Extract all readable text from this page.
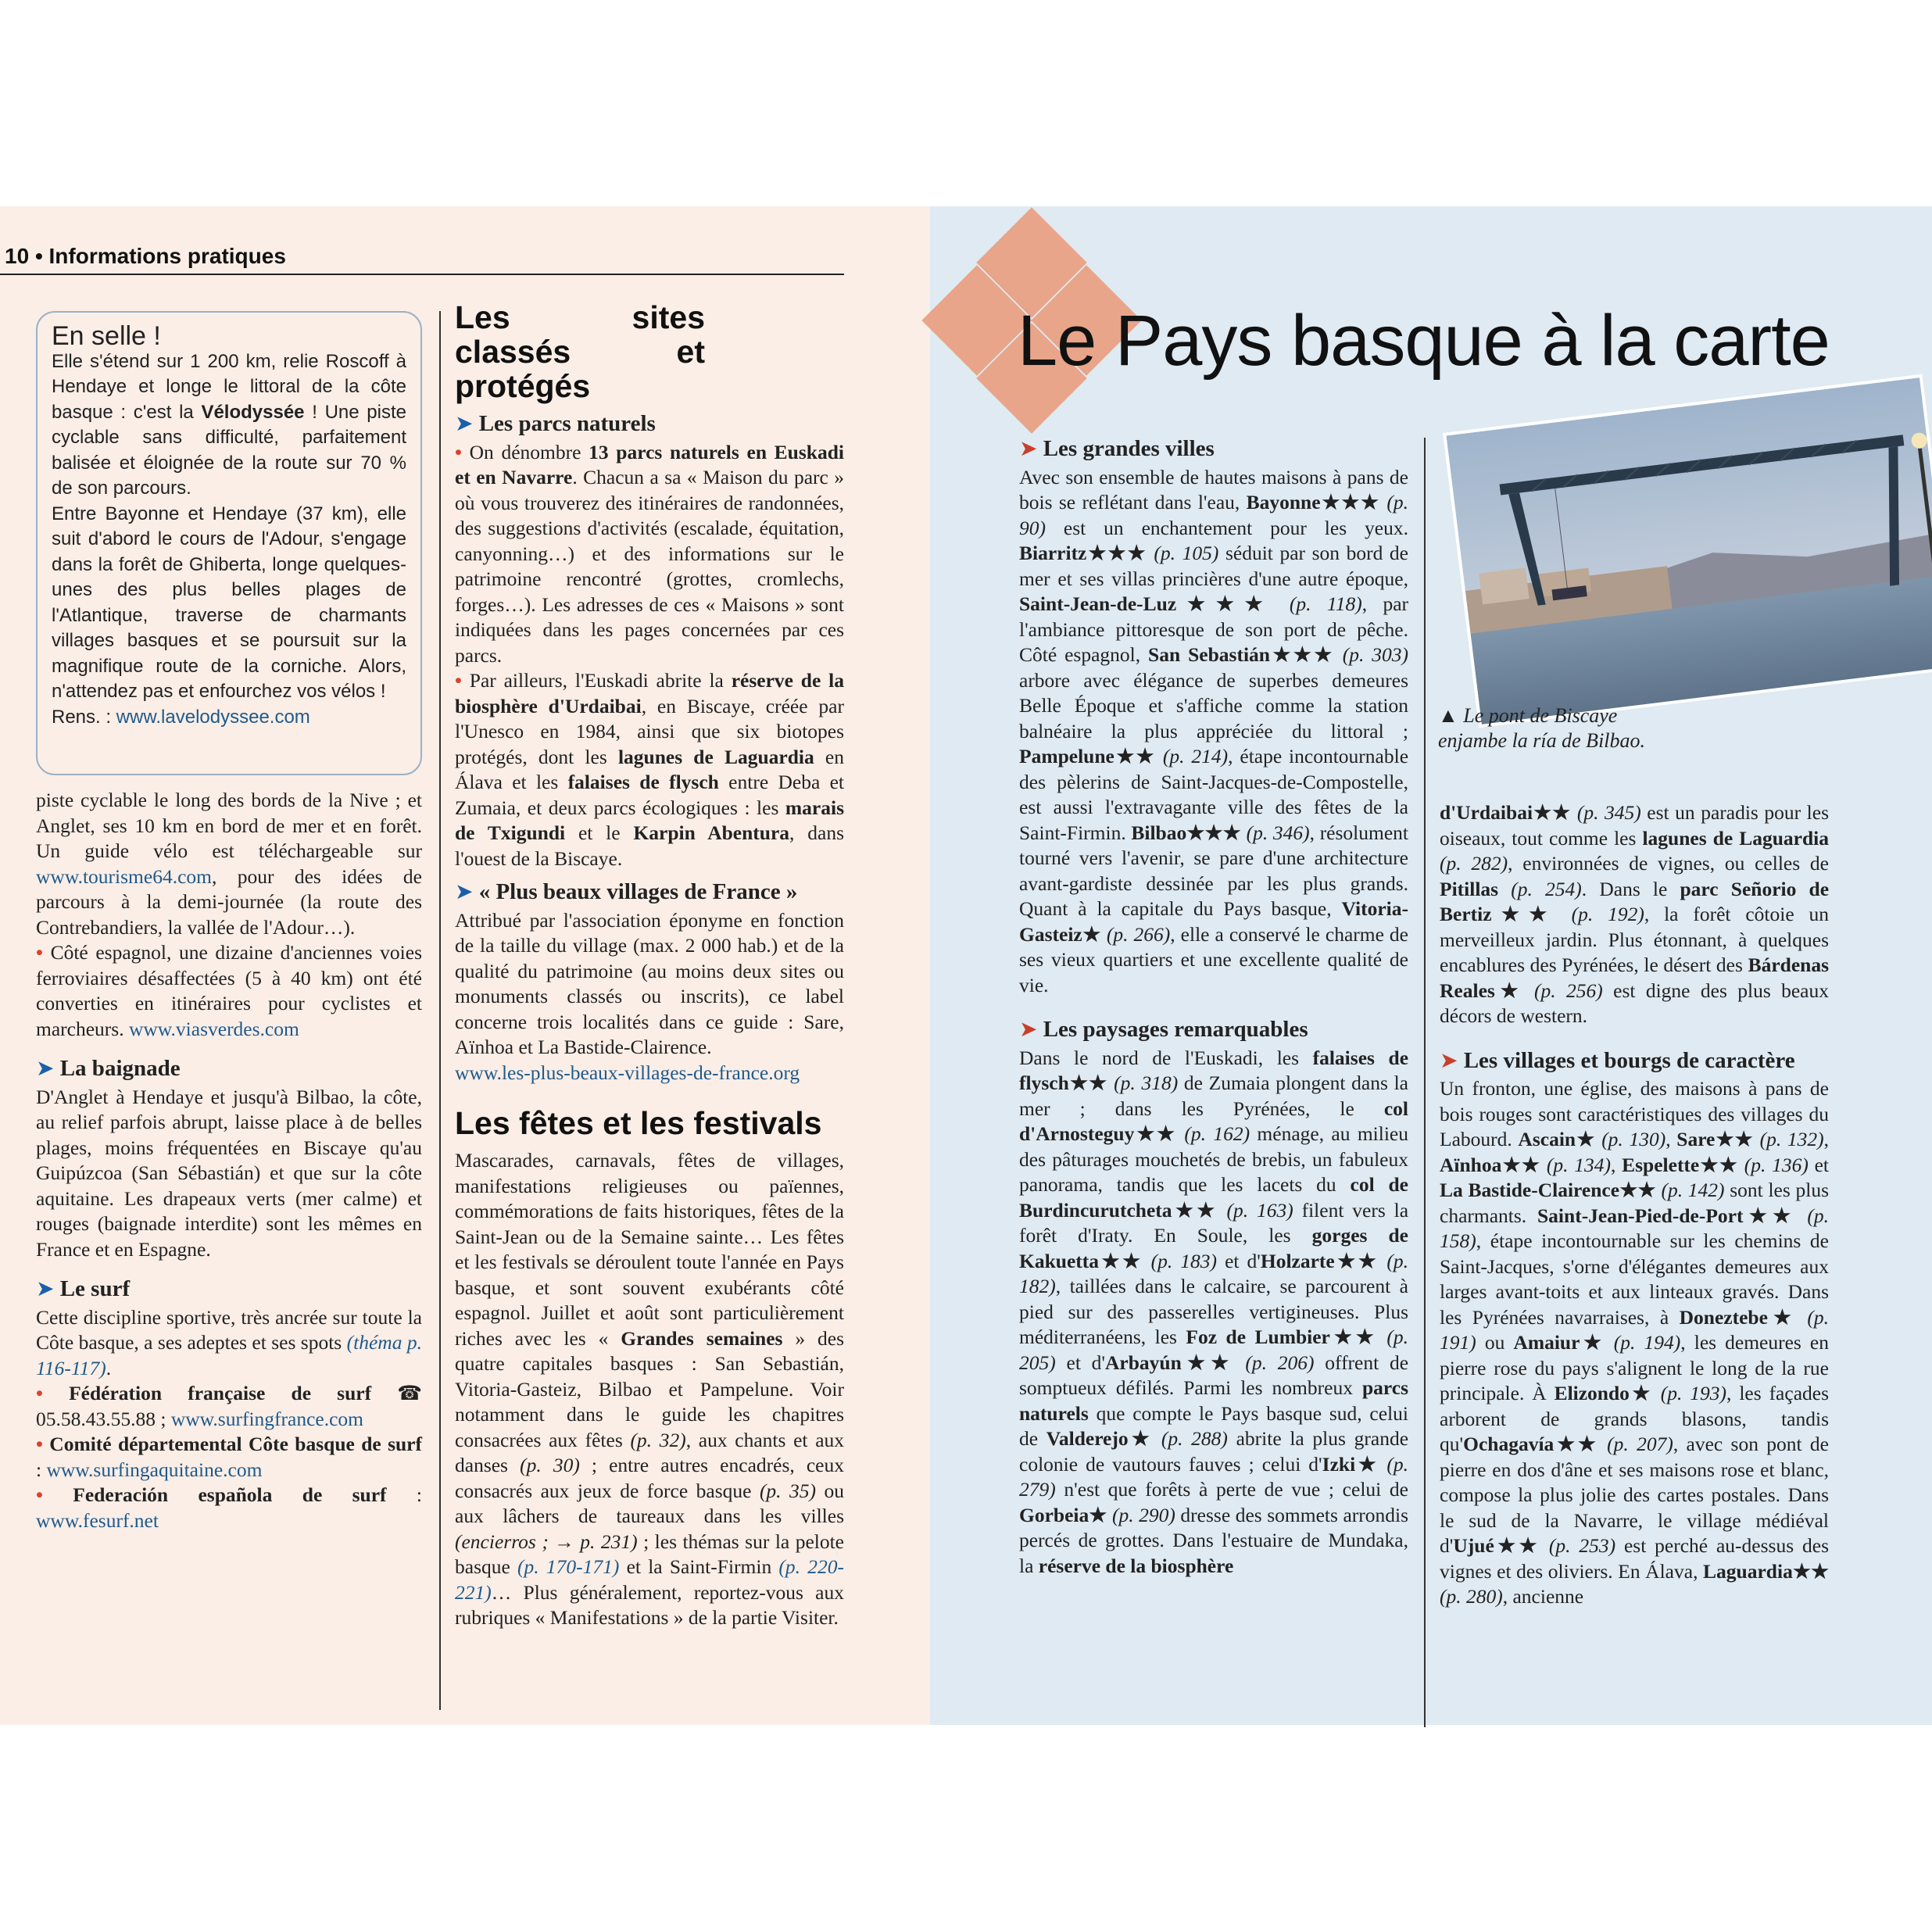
10 • Informations pratiques

En selle !

Elle s'étend sur 1 200 km, relie Roscoff à Hendaye et longe le littoral de la côte basque : c'est la Vélodyssée ! Une piste cyclable sans difficulté, parfaitement balisée et éloignée de la route sur 70 % de son parcours.

Entre Bayonne et Hendaye (37 km), elle suit d'abord le cours de l'Adour, s'engage dans la forêt de Ghiberta, longe quelques-unes des plus belles plages de l'Atlantique, traverse de charmants villages basques et se poursuit sur la magnifique route de la corniche. Alors, n'attendez pas et enfourchez vos vélos !

Rens. : www.lavelodyssee.com

piste cyclable le long des bords de la Nive ; et Anglet, ses 10 km en bord de mer et en forêt. Un guide vélo est téléchargeable sur www.tourisme64.com, pour des idées de parcours à la demi-journée (la route des Contrebandiers, la vallée de l'Adour…).

• Côté espagnol, une dizaine d'anciennes voies ferroviaires désaffectées (5 à 40 km) ont été converties en itinéraires pour cyclistes et marcheurs. www.viasverdes.com

➤ La baignade

D'Anglet à Hendaye et jusqu'à Bilbao, la côte, au relief parfois abrupt, laisse place à de belles plages, moins fréquentées en Biscaye qu'au Guipúzcoa (San Sébastián) et que sur la côte aquitaine. Les drapeaux verts (mer calme) et rouges (baignade interdite) sont les mêmes en France et en Espagne.

➤ Le surf

Cette discipline sportive, très ancrée sur toute la Côte basque, a ses adeptes et ses spots (théma p. 116-117).

• Fédération française de surf ☎ 05.58.43.55.88 ; www.surfingfrance.com

• Comité départemental Côte basque de surf : www.surfingaquitaine.com

• Federación española de surf : www.fesurf.net

Les sites classés et protégés
➤ Les parcs naturels

• On dénombre 13 parcs naturels en Euskadi et en Navarre. Chacun a sa « Maison du parc » où vous trouverez des itinéraires de randonnées, des suggestions d'activités (escalade, équitation, canyonning…) et des informations sur le patrimoine rencontré (grottes, cromlechs, forges…). Les adresses de ces « Maisons » sont indiquées dans les pages concernées par ces parcs.

• Par ailleurs, l'Euskadi abrite la réserve de la biosphère d'Urdaibai, en Biscaye, créée par l'Unesco en 1984, ainsi que six biotopes protégés, dont les lagunes de Laguardia en Álava et les falaises de flysch entre Deba et Zumaia, et deux parcs écologiques : les marais de Txigundi et le Karpin Abentura, dans l'ouest de la Biscaye.

➤ « Plus beaux villages de France »

Attribué par l'association éponyme en fonction de la taille du village (max. 2 000 hab.) et de la qualité du patrimoine (au moins deux sites ou monuments classés ou inscrits), ce label concerne trois localités dans ce guide : Sare, Aïnhoa et La Bastide-Clairence.

www.les-plus-beaux-villages-de-france.org

Les fêtes et les festivals

Mascarades, carnavals, fêtes de villages, manifestations religieuses ou païennes, commémorations de faits historiques, fêtes de la Saint-Jean ou de la Semaine sainte… Les fêtes et les festivals se déroulent toute l'année en Pays basque, et sont souvent exubérants côté espagnol. Juillet et août sont particulièrement riches avec les « Grandes semaines » des quatre capitales basques : San Sebastián, Vitoria-Gasteiz, Bilbao et Pampelune. Voir notamment dans le guide les chapitres consacrées aux fêtes (p. 32), aux chants et aux danses (p. 30) ; entre autres encadrés, ceux consacrés aux jeux de force basque (p. 35) ou aux lâchers de taureaux dans les villes (encierros ; → p. 231) ; les thémas sur la pelote basque (p. 170-171) et la Saint-Firmin (p. 220-221)… Plus généralement, reportez-vous aux rubriques « Manifestations » de la partie Visiter.

Le Pays basque à la carte
▲ Le pont de Biscaye enjambe la ría de Bilbao.
➤ Les grandes villes

Avec son ensemble de hautes maisons à pans de bois se reflétant dans l'eau, Bayonne★★★ (p. 90) est un enchantement pour les yeux. Biarritz★★★ (p. 105) séduit par son bord de mer et ses villas princières d'une autre époque, Saint-Jean-de-Luz★★★ (p. 118), par l'ambiance pittoresque de son port de pêche. Côté espagnol, San Sebastián★★★ (p. 303) arbore avec élégance de superbes demeures Belle Époque et s'affiche comme la station balnéaire la plus appréciée du littoral ; Pampelune★★ (p. 214), étape incontournable des pèlerins de Saint-Jacques-de-Compostelle, est aussi l'extravagante ville des fêtes de la Saint-Firmin. Bilbao★★★ (p. 346), résolument tourné vers l'avenir, se pare d'une architecture avant-gardiste dessinée par les plus grands. Quant à la capitale du Pays basque, Vitoria-Gasteiz★ (p. 266), elle a conservé le charme de ses vieux quartiers et une excellente qualité de vie.

➤ Les paysages remarquables

Dans le nord de l'Euskadi, les falaises de flysch★★ (p. 318) de Zumaia plongent dans la mer ; dans les Pyrénées, le col d'Arnosteguy★★ (p. 162) ménage, au milieu des pâturages mouchetés de brebis, un fabuleux panorama, tandis que les lacets du col de Burdincurutcheta★★ (p. 163) filent vers la forêt d'Iraty. En Soule, les gorges de Kakuetta★★ (p. 183) et d'Holzarte★★ (p. 182), taillées dans le calcaire, se parcourent à pied sur des passerelles vertigineuses. Plus méditerranéens, les Foz de Lumbier★★ (p. 205) et d'Arbayún★★ (p. 206) offrent de somptueux défilés. Parmi les nombreux parcs naturels que compte le Pays basque sud, celui de Valderejo★ (p. 288) abrite la plus grande colonie de vautours fauves ; celui d'Izki★ (p. 279) n'est que forêts à perte de vue ; celui de Gorbeia★ (p. 290) dresse des sommets arrondis percés de grottes. Dans l'estuaire de Mundaka, la réserve de la biosphère

d'Urdaibai★★ (p. 345) est un paradis pour les oiseaux, tout comme les lagunes de Laguardia (p. 282), environnées de vignes, ou celles de Pitillas (p. 254). Dans le parc Señorio de Bertiz★★ (p. 192), la forêt côtoie un merveilleux jardin. Plus étonnant, à quelques encablures des Pyrénées, le désert des Bárdenas Reales★ (p. 256) est digne des plus beaux décors de western.

➤ Les villages et bourgs de caractère

Un fronton, une église, des maisons à pans de bois rouges sont caractéristiques des villages du Labourd. Ascain★ (p. 130), Sare★★ (p. 132), Aïnhoa★★ (p. 134), Espelette★★ (p. 136) et La Bastide-Clairence★★ (p. 142) sont les plus charmants. Saint-Jean-Pied-de-Port★★ (p. 158), étape incontournable sur les chemins de Saint-Jacques, s'orne d'élégantes demeures aux larges avant-toits et aux linteaux gravés. Dans les Pyrénées navarraises, à Doneztebe★ (p. 191) ou Amaiur★ (p. 194), les demeures en pierre rose du pays s'alignent le long de la rue principale. À Elizondo★ (p. 193), les façades arborent de grands blasons, tandis qu'Ochagavía★★ (p. 207), avec son pont de pierre en dos d'âne et ses maisons rose et blanc, compose la plus jolie des cartes postales. Dans le sud de la Navarre, le village médiéval d'Ujué★★ (p. 253) est perché au-dessus des vignes et des oliviers. En Álava, Laguardia★★ (p. 280), ancienne
